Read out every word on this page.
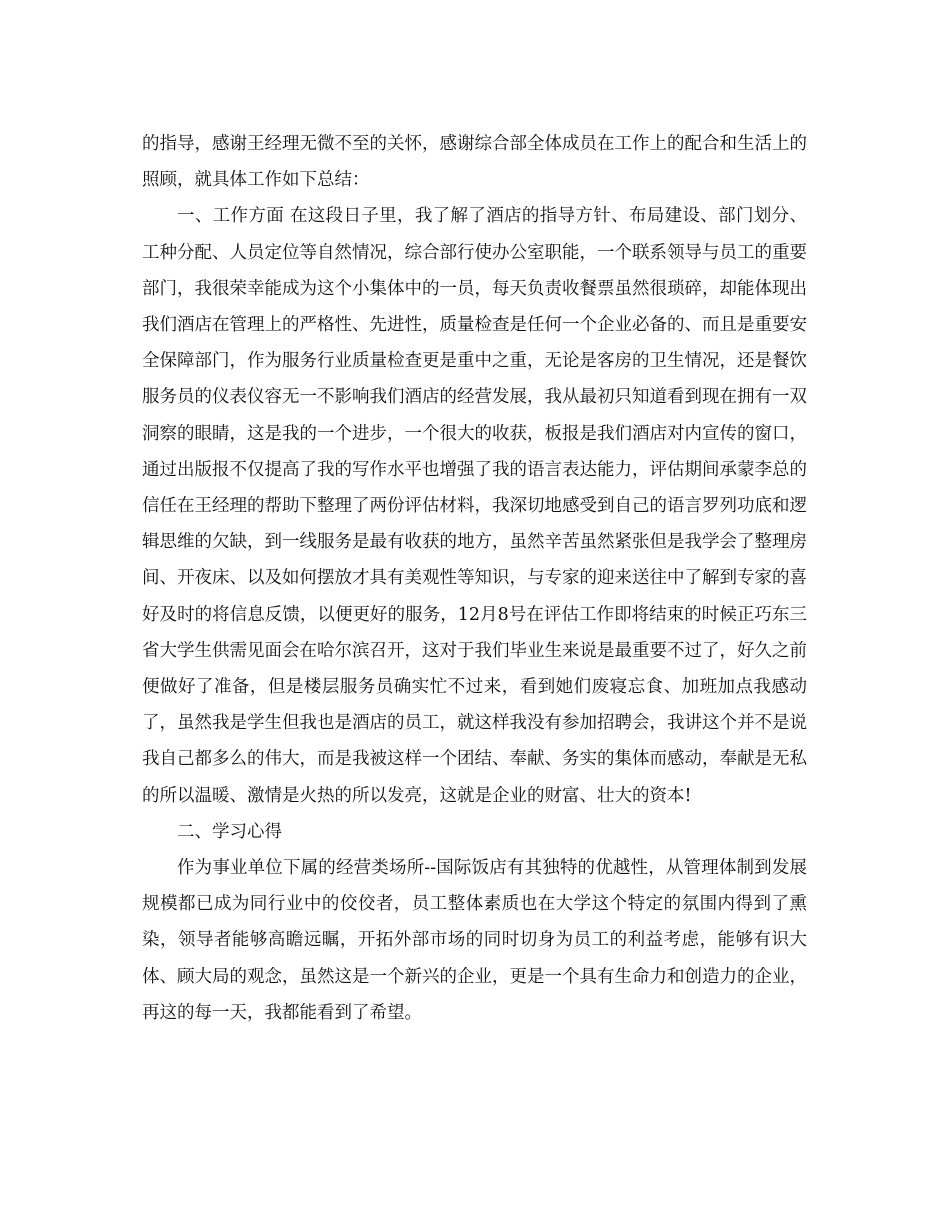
的指导，感谢王经理无微不至的关怀，感谢综合部全体成员在工作上的配合和生活上的照顾，就具体工作如下总结：

一、工作方面 在这段日子里，我了解了酒店的指导方针、布局建设、部门划分、工种分配、人员定位等自然情况，综合部行使办公室职能，一个联系领导与员工的重要部门，我很荣幸能成为这个小集体中的一员，每天负责收餐票虽然很琐碎，却能体现出我们酒店在管理上的严格性、先进性，质量检查是任何一个企业必备的、而且是重要安全保障部门，作为服务行业质量检查更是重中之重，无论是客房的卫生情况，还是餐饮服务员的仪表仪容无一不影响我们酒店的经营发展，我从最初只知道看到现在拥有一双洞察的眼睛，这是我的一个进步，一个很大的收获，板报是我们酒店对内宣传的窗口，通过出版报不仅提高了我的写作水平也增强了我的语言表达能力，评估期间承蒙李总的信任在王经理的帮助下整理了两份评估材料，我深切地感受到自己的语言罗列功底和逻辑思维的欠缺，到一线服务是最有收获的地方，虽然辛苦虽然紧张但是我学会了整理房间、开夜床、以及如何摆放才具有美观性等知识，与专家的迎来送往中了解到专家的喜好及时的将信息反馈，以便更好的服务，12月8号在评估工作即将结束的时候正巧东三省大学生供需见面会在哈尔滨召开，这对于我们毕业生来说是最重要不过了，好久之前便做好了准备，但是楼层服务员确实忙不过来，看到她们废寝忘食、加班加点我感动了，虽然我是学生但我也是酒店的员工，就这样我没有参加招聘会，我讲这个并不是说我自己都多么的伟大，而是我被这样一个团结、奉献、务实的集体而感动，奉献是无私的所以温暖、激情是火热的所以发亮，这就是企业的财富、壮大的资本!

二、学习心得

作为事业单位下属的经营类场所--国际饭店有其独特的优越性，从管理体制到发展规模都已成为同行业中的佼佼者，员工整体素质也在大学这个特定的氛围内得到了熏染，领导者能够高瞻远瞩，开拓外部市场的同时切身为员工的利益考虑，能够有识大体、顾大局的观念，虽然这是一个新兴的企业，更是一个具有生命力和创造力的企业，再这的每一天，我都能看到了希望。
